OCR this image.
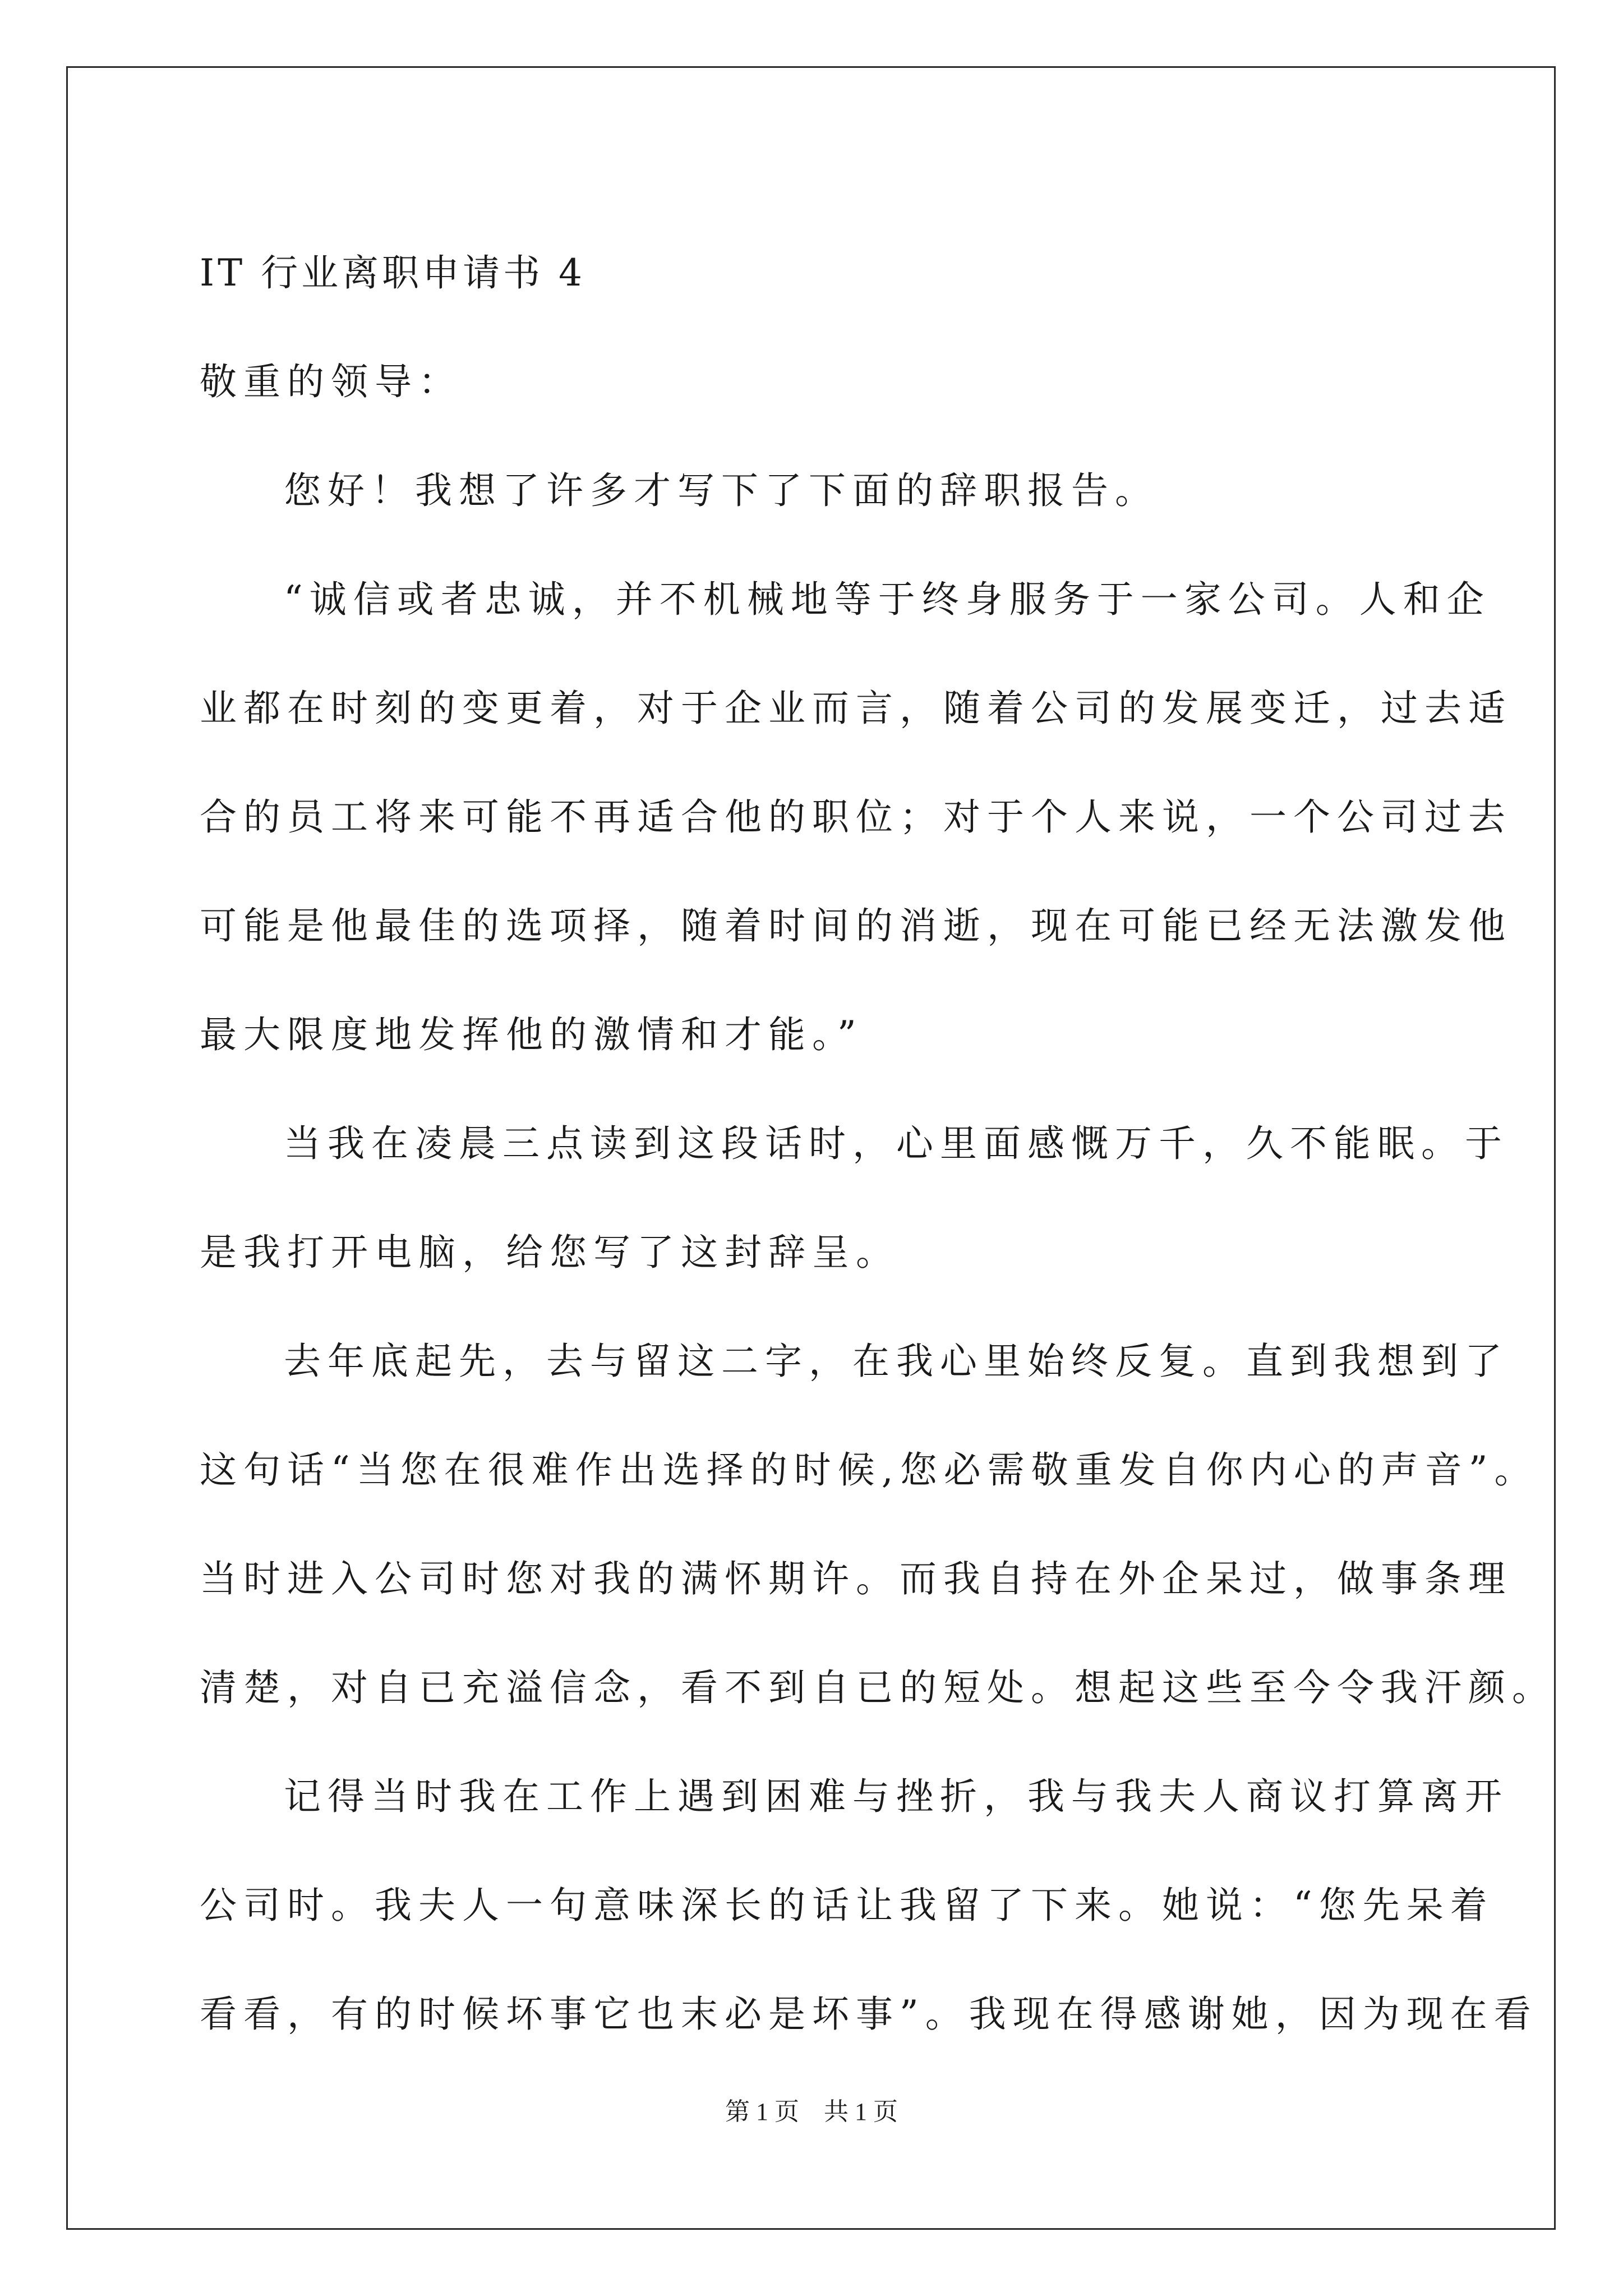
IT 行业离职申请书 4
敬重的领导：
您好！我想了许多才写下了下面的辞职报告。
“诚信或者忠诚，并不机械地等于终身服务于一家公司。人和企
业都在时刻的变更着，对于企业而言，随着公司的发展变迁，过去适
合的员工将来可能不再适合他的职位；对于个人来说，一个公司过去
可能是他最佳的选项择，随着时间的消逝，现在可能已经无法激发他
最大限度地发挥他的激情和才能。”
当我在凌晨三点读到这段话时，心里面感慨万千，久不能眠。于
是我打开电脑，给您写了这封辞呈。
去年底起先，去与留这二字，在我心里始终反复。直到我想到了
这句话“当您在很难作出选择的时候,您必需敬重发自你内心的声音”。
当时进入公司时您对我的满怀期许。而我自持在外企呆过，做事条理
清楚，对自已充溢信念，看不到自已的短处。想起这些至今令我汗颜。
记得当时我在工作上遇到困难与挫折，我与我夫人商议打算离开
公司时。我夫人一句意味深长的话让我留了下来。她说：“您先呆着
看看，有的时候坏事它也末必是坏事”。我现在得感谢她，因为现在看
第 1 页 共 1 页
